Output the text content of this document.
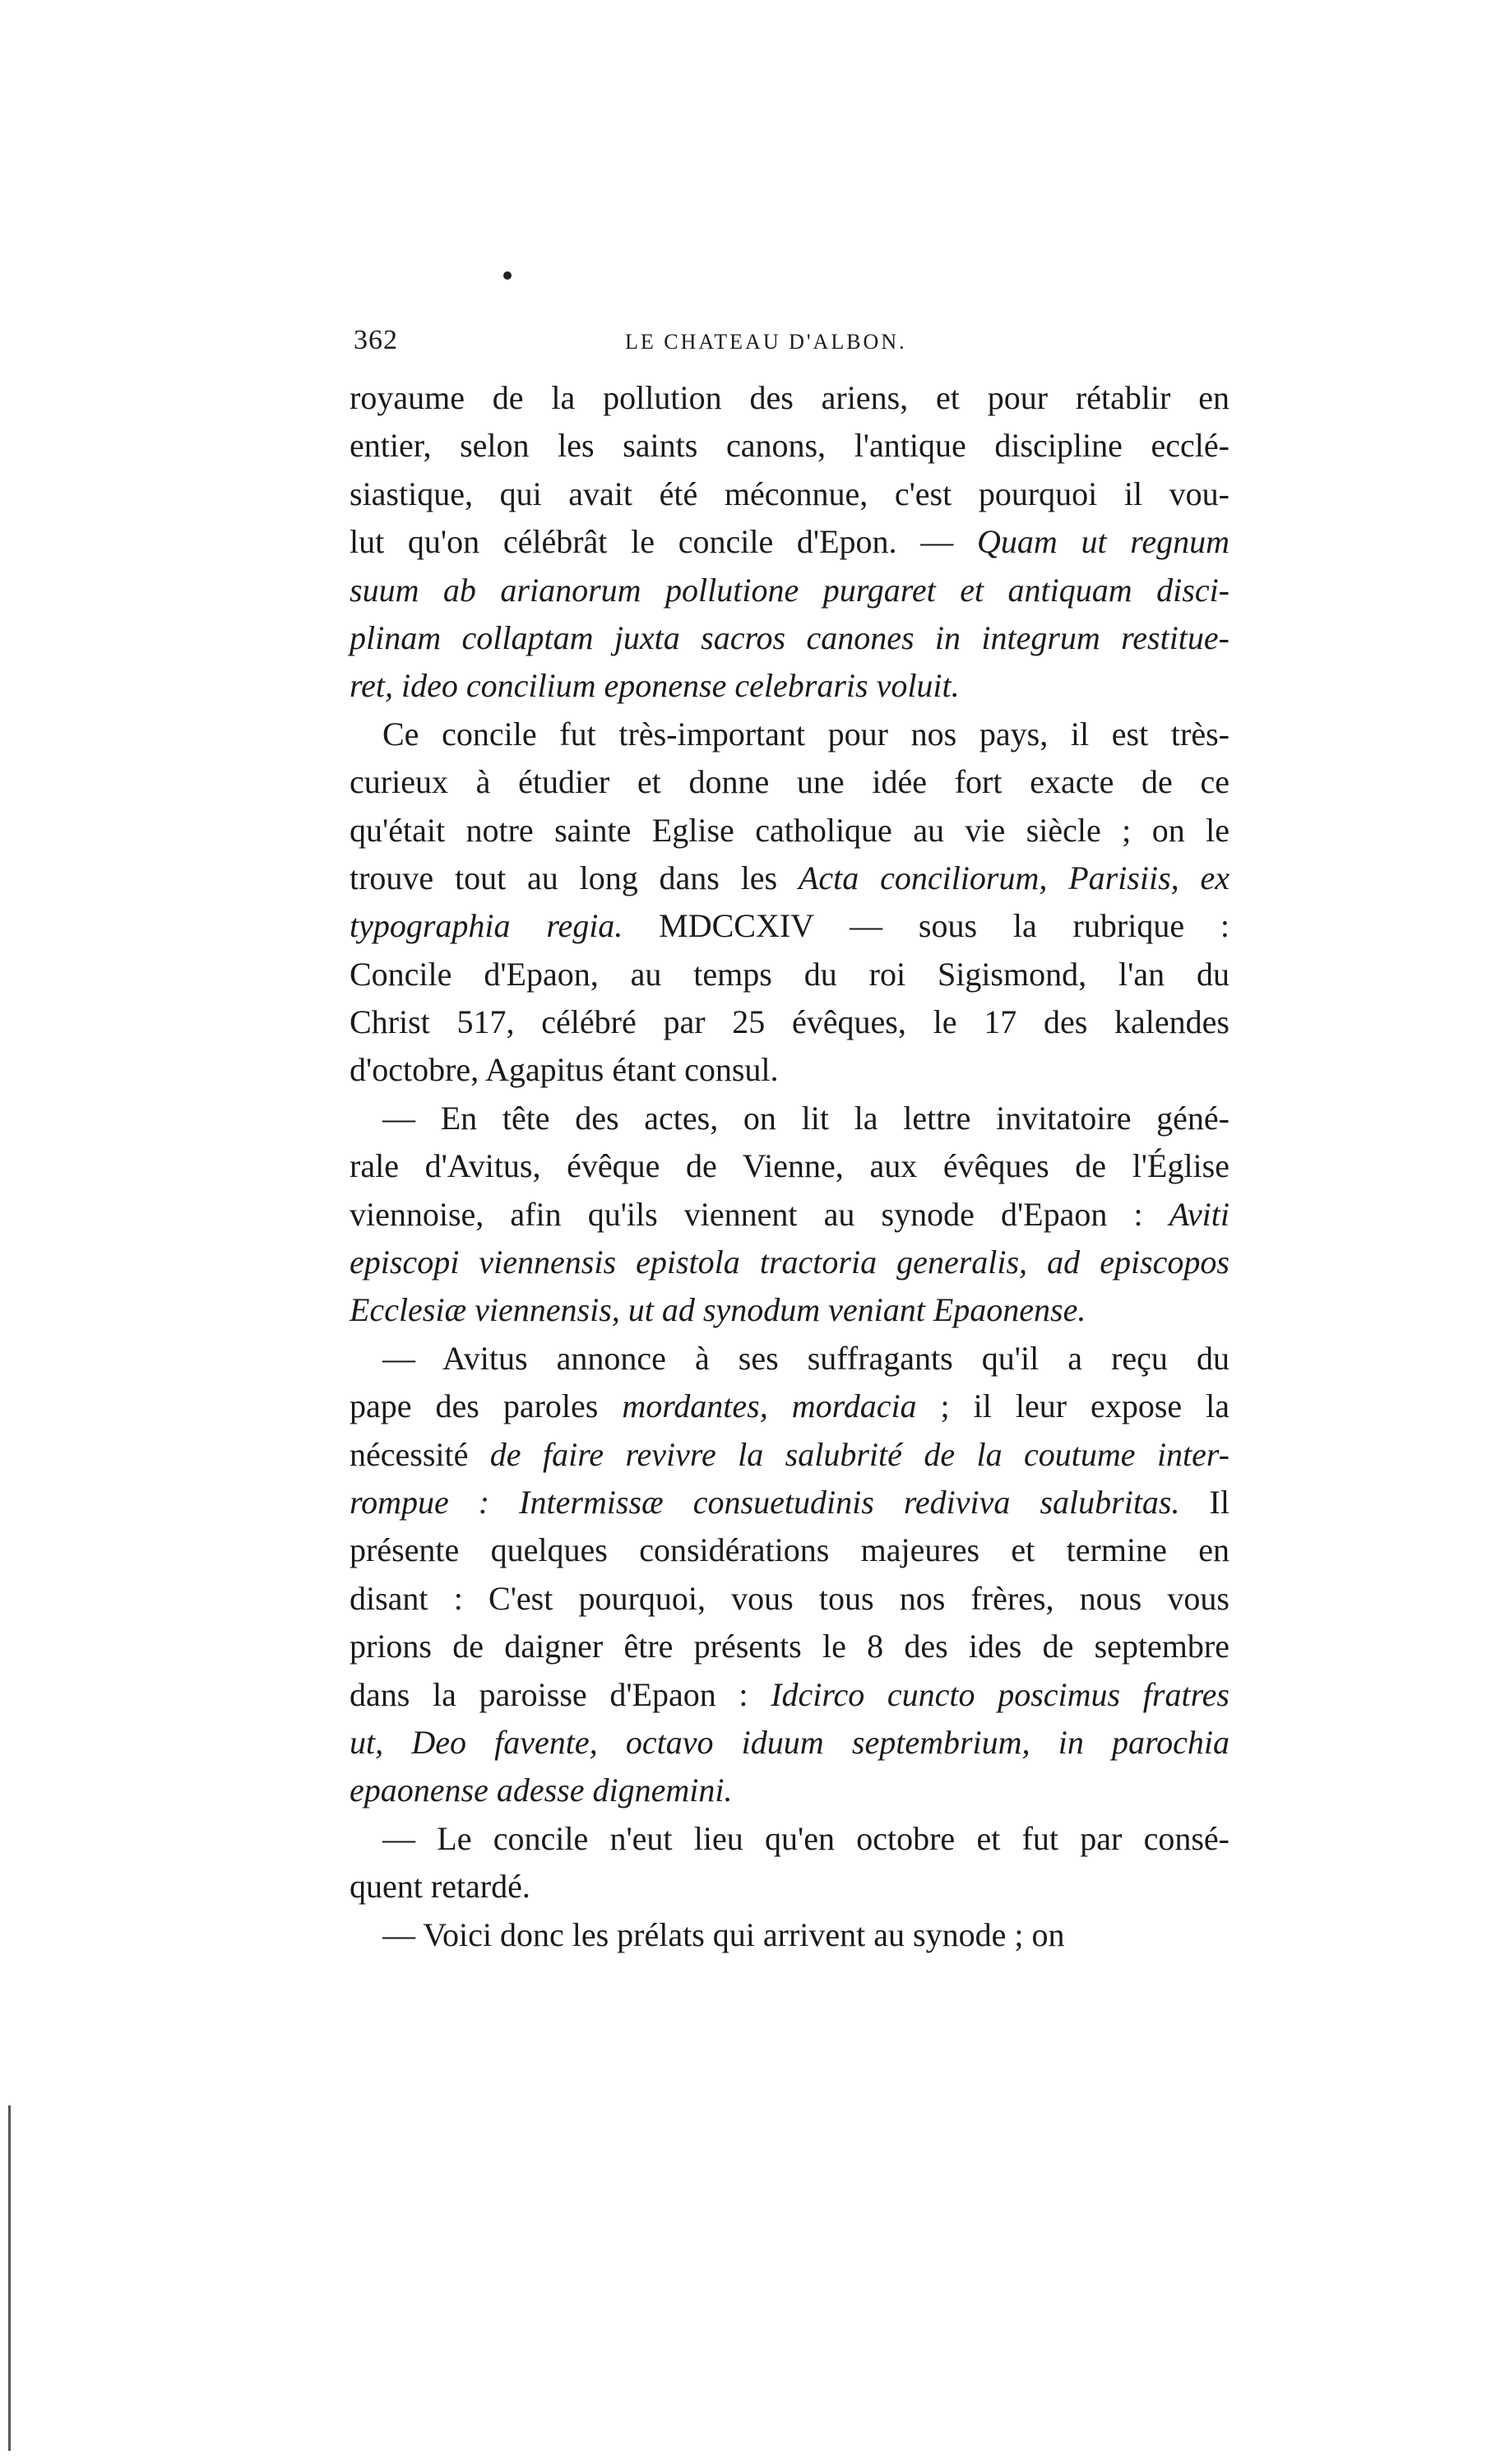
362	LE CHATEAU D'ALBON.
royaume de la pollution des ariens, et pour rétablir en
entier, selon les saints canons, l'antique discipline ecclé-
siastique, qui avait été méconnue, c'est pourquoi il vou-
lut qu'on célébrât le concile d'Epon. — Quam ut regnum
suum ab arianorum pollutione purgaret et antiquam disci-
plinam collaptam juxta sacros canones in integrum restitue-
ret, ideo concilium eponense celebraris voluit.
Ce concile fut très-important pour nos pays, il est très-
curieux à étudier et donne une idée fort exacte de ce
qu'était notre sainte Eglise catholique au vie siècle ; on le
trouve tout au long dans les Acta conciliorum, Parisiis, ex
typographia regia. MDCCXIV — sous la rubrique :
Concile d'Epaon, au temps du roi Sigismond, l'an du
Christ 517, célébré par 25 évêques, le 17 des kalendes
d'octobre, Agapitus étant consul.
— En tête des actes, on lit la lettre invitatoire géné-
rale d'Avitus, évêque de Vienne, aux évêques de l'Église
viennoise, afin qu'ils viennent au synode d'Epaon : Aviti
episcopi viennensis epistola tractoria generalis, ad episcopos
Ecclesiæ viennensis, ut ad synodum veniant Epaonense.
— Avitus annonce à ses suffragants qu'il a reçu du
pape des paroles mordantes, mordacia ; il leur expose la
nécessité de faire revivre la salubrité de la coutume inter-
rompue : Intermissæ consuetudinis rediviva salubritas. Il
présente quelques considérations majeures et termine en
disant : C'est pourquoi, vous tous nos frères, nous vous
prions de daigner être présents le 8 des ides de septembre
dans la paroisse d'Epaon : Idcirco cuncto poscimus fratres
ut, Deo favente, octavo iduum septembrium, in parochia
epaonense adesse dignemini.
— Le concile n'eut lieu qu'en octobre et fut par consé-
quent retardé.
— Voici donc les prélats qui arrivent au synode ; on
